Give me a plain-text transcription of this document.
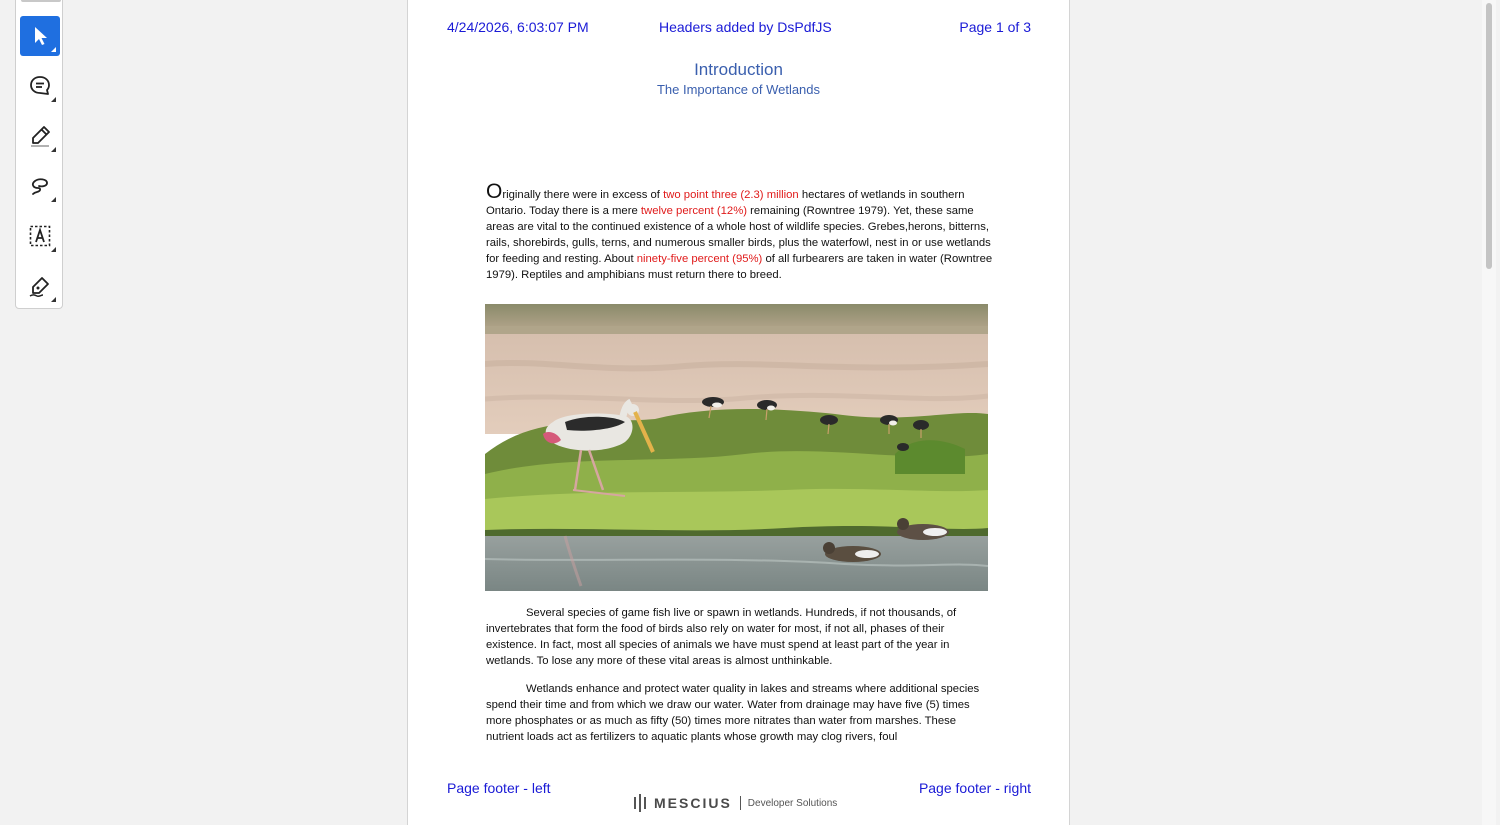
4/24/2026, 6:03:07 PM	Headers added by DsPdfJS	Page 1 of 3
Introduction
The Importance of Wetlands

Originally there were in excess of two point three (2.3) million hectares of wetlands in southern Ontario. Today there is a mere twelve percent (12%) remaining (Rowntree 1979). Yet, these same areas are vital to the continued existence of a whole host of wildlife species. Grebes,herons, bitterns, rails, shorebirds, gulls, terns, and numerous smaller birds, plus the waterfowl, nest in or use wetlands for feeding and resting. About ninety-five percent (95%) of all furbearers are taken in water (Rowntree 1979). Reptiles and amphibians must return there to breed.

Several species of game fish live or spawn in wetlands. Hundreds, if not thousands, of invertebrates that form the food of birds also rely on water for most, if not all, phases of their existence. In fact, most all species of animals we have must spend at least part of the year in wetlands. To lose any more of these vital areas is almost unthinkable.

Wetlands enhance and protect water quality in lakes and streams where additional species spend their time and from which we draw our water. Water from drainage may have five (5) times more phosphates or as much as fifty (50) times more nitrates than water from marshes. These nutrient loads act as fertilizers to aquatic plants whose growth may clog rivers, foul

Page footer - left	Page footer - right
MESCIUS Developer Solutions
